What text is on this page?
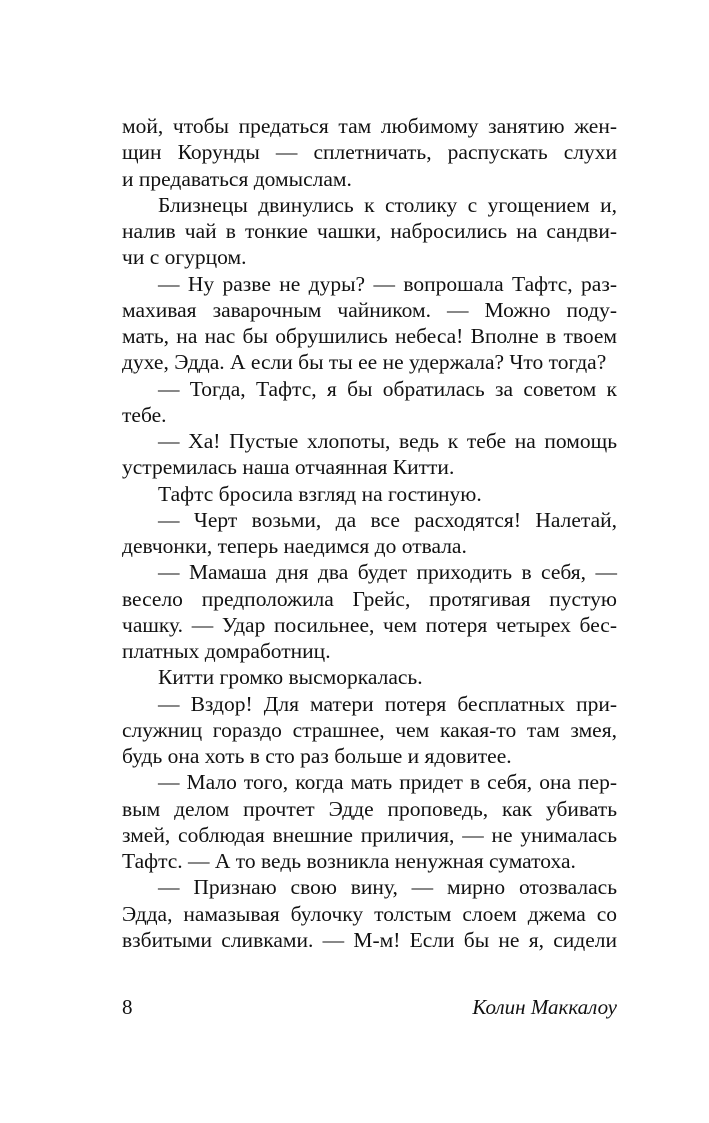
мой, чтобы предаться там любимому занятию жен-
щин Корунды — сплетничать, распускать слухи
и предаваться домыслам.
Близнецы двинулись к столику с угощением и,
налив чай в тонкие чашки, набросились на сандви-
чи с огурцом.
— Ну разве не дуры? — вопрошала Тафтс, раз-
махивая заварочным чайником. — Можно поду-
мать, на нас бы обрушились небеса! Вполне в твоем
духе, Эдда. А если бы ты ее не удержала? Что тогда?
— Тогда, Тафтс, я бы обратилась за советом к
тебе.
— Ха! Пустые хлопоты, ведь к тебе на помощь
устремилась наша отчаянная Китти.
Тафтс бросила взгляд на гостиную.
— Черт возьми, да все расходятся! Налетай,
девчонки, теперь наедимся до отвала.
— Мамаша дня два будет приходить в себя, —
весело предположила Грейс, протягивая пустую
чашку. — Удар посильнее, чем потеря четырех бес-
платных домработниц.
Китти громко высморкалась.
— Вздор! Для матери потеря бесплатных при-
служниц гораздо страшнее, чем какая-то там змея,
будь она хоть в сто раз больше и ядовитее.
— Мало того, когда мать придет в себя, она пер-
вым делом прочтет Эдде проповедь, как убивать
змей, соблюдая внешние приличия, — не унималась
Тафтс. — А то ведь возникла ненужная суматоха.
— Признаю свою вину, — мирно отозвалась
Эдда, намазывая булочку толстым слоем джема со
взбитыми сливками. — М-м! Если бы не я, сидели
8	Колин Маккалоу
